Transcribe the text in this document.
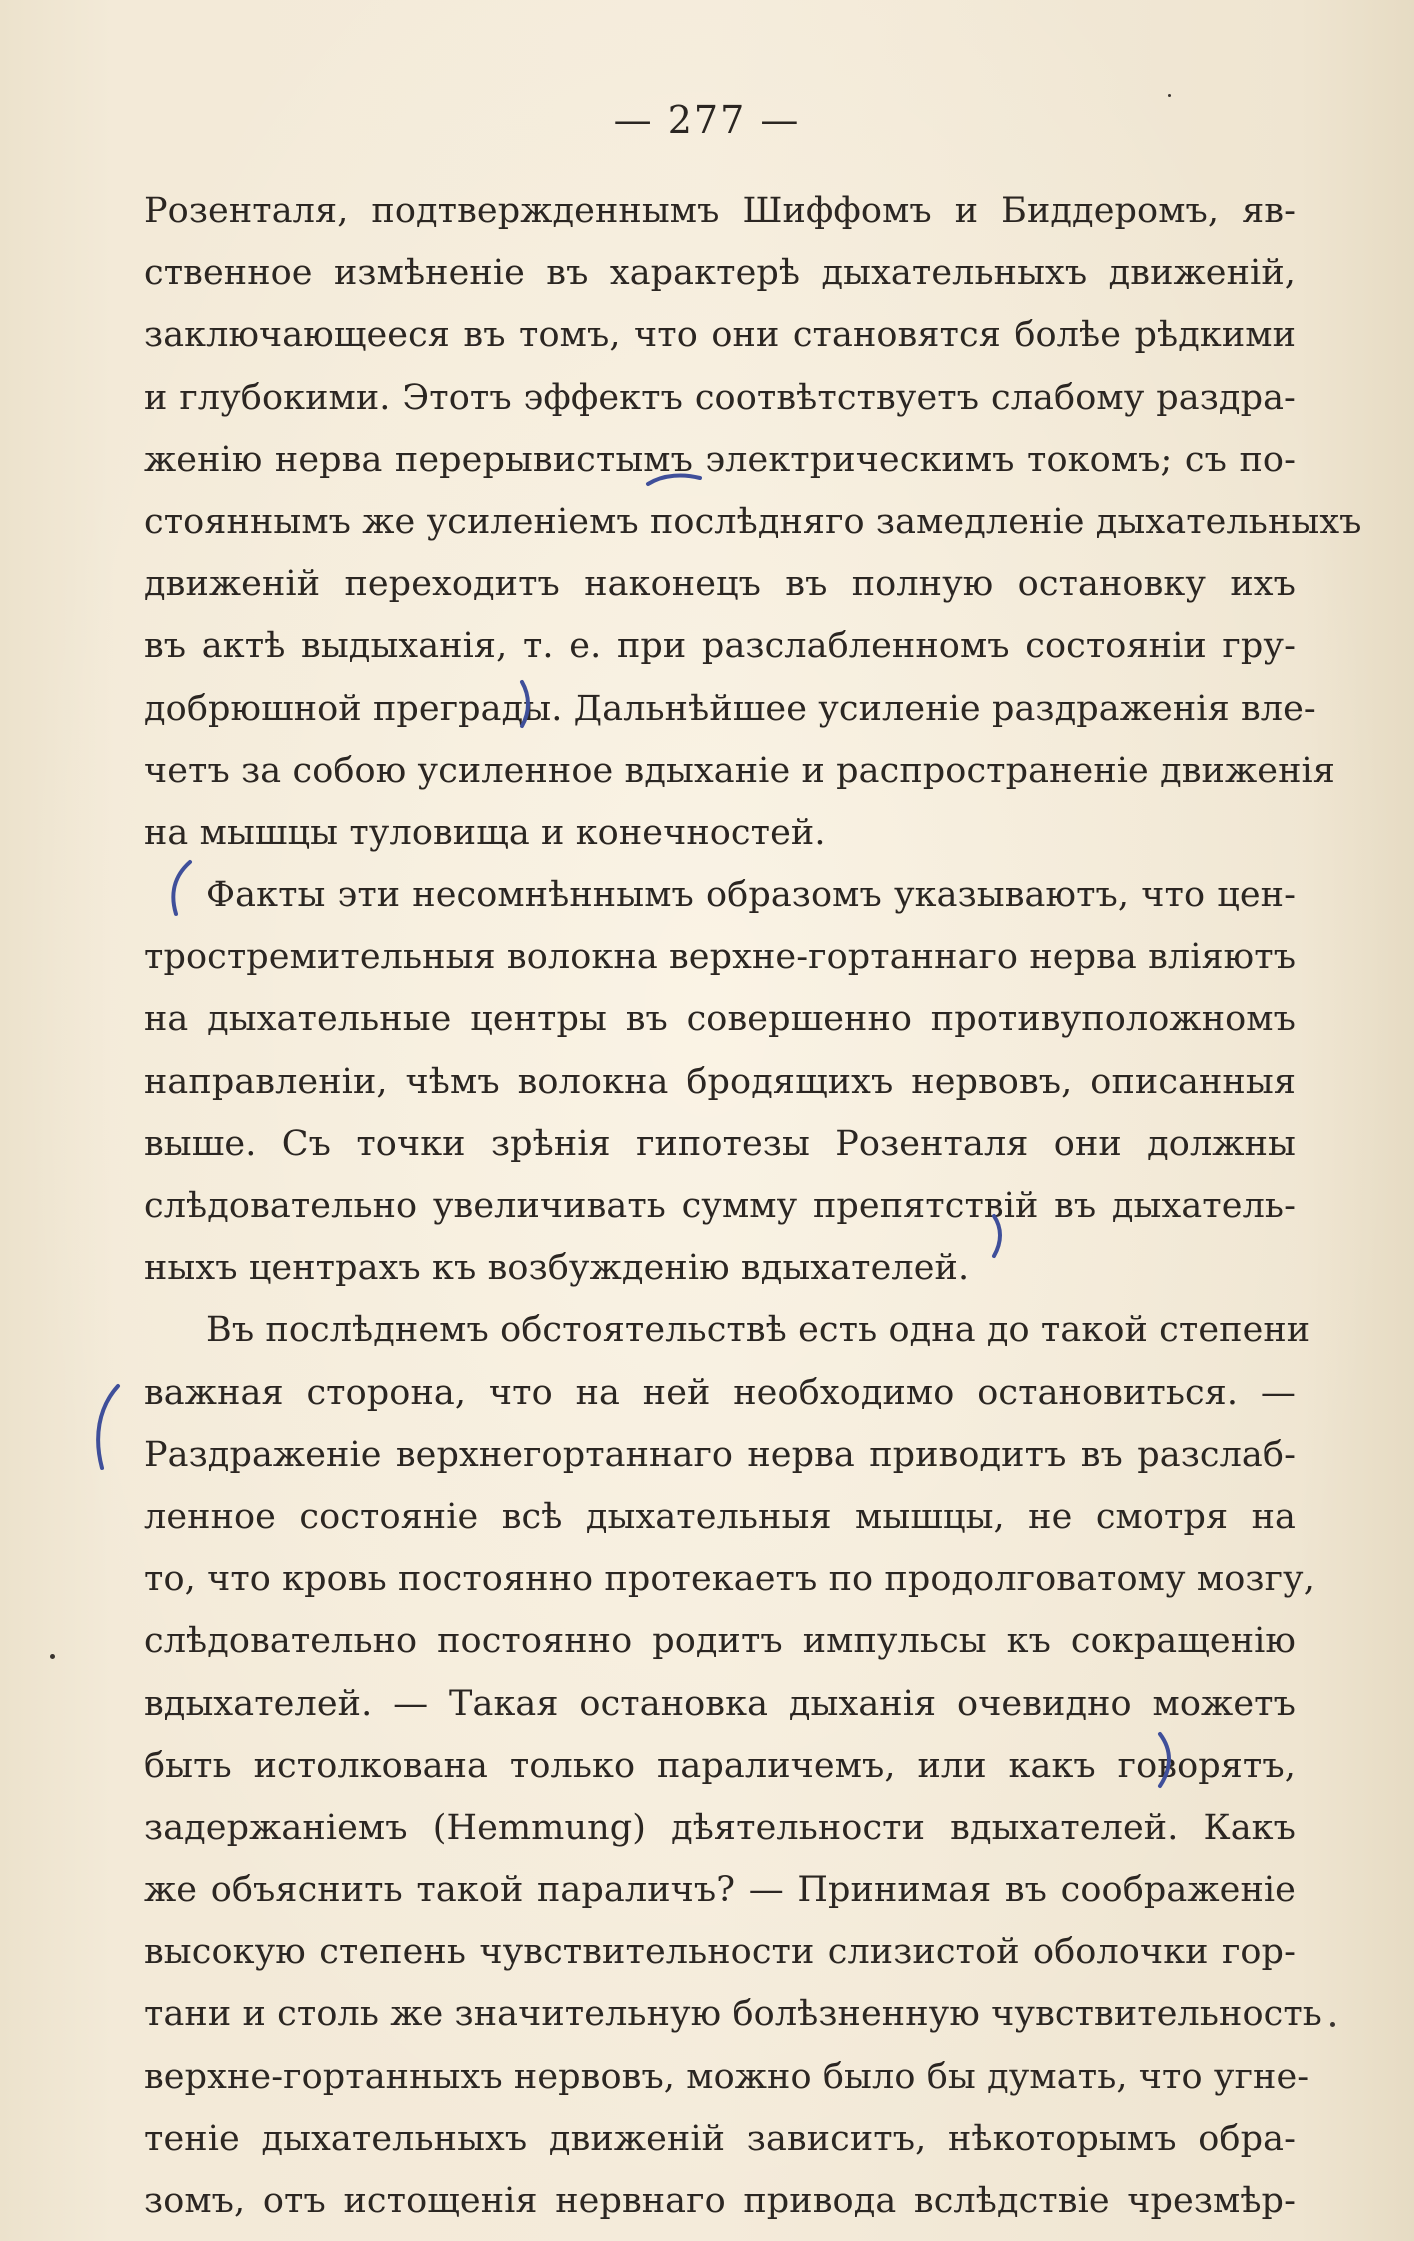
— 277 —
Розенталя, подтвержденнымъ Шиффомъ и Биддеромъ, яв-
ственное измѣненіе въ характерѣ дыхательныхъ движеній,
заключающееся въ томъ, что они становятся болѣе рѣдкими
и глубокими. Этотъ эффектъ соотвѣтствуетъ слабому раздра-
женію нерва перерывистымъ электрическимъ токомъ; съ по-
стояннымъ же усиленіемъ послѣдняго замедленіе дыхательныхъ
движеній переходитъ наконецъ въ полную остановку ихъ
въ актѣ выдыханія, т. е. при разслабленномъ состояніи гру-
добрюшной преграды. Дальнѣйшее усиленіе раздраженія вле-
четъ за собою усиленное вдыханіе и распространеніе движенія
на мышцы туловища и конечностей.
Факты эти несомнѣннымъ образомъ указываютъ, что цен-
тростремительныя волокна верхне-гортаннаго нерва вліяютъ
на дыхательные центры въ совершенно противуположномъ
направленіи, чѣмъ волокна бродящихъ нервовъ, описанныя
выше. Съ точки зрѣнія гипотезы Розенталя они должны
слѣдовательно увеличивать сумму препятствій въ дыхатель-
ныхъ центрахъ къ возбужденію вдыхателей.
Въ послѣднемъ обстоятельствѣ есть одна до такой степени
важная сторона, что на ней необходимо остановиться. —
Раздраженіе верхнегортаннаго нерва приводитъ въ разслаб-
ленное состояніе всѣ дыхательныя мышцы, не смотря на
то, что кровь постоянно протекаетъ по продолговатому мозгу,
слѣдовательно постоянно родитъ импульсы къ сокращенію
вдыхателей. — Такая остановка дыханія очевидно можетъ
быть истолкована только параличемъ, или какъ говорятъ,
задержаніемъ (Hemmung) дѣятельности вдыхателей. Какъ
же объяснить такой параличъ? — Принимая въ соображеніе
высокую степень чувствительности слизистой оболочки гор-
тани и столь же значительную болѣзненную чувствительность
верхне-гортанныхъ нервовъ, можно было бы думать, что угне-
теніе дыхательныхъ движеній зависитъ, нѣкоторымъ обра-
зомъ, отъ истощенія нервнаго привода вслѣдствіе чрезмѣр-
